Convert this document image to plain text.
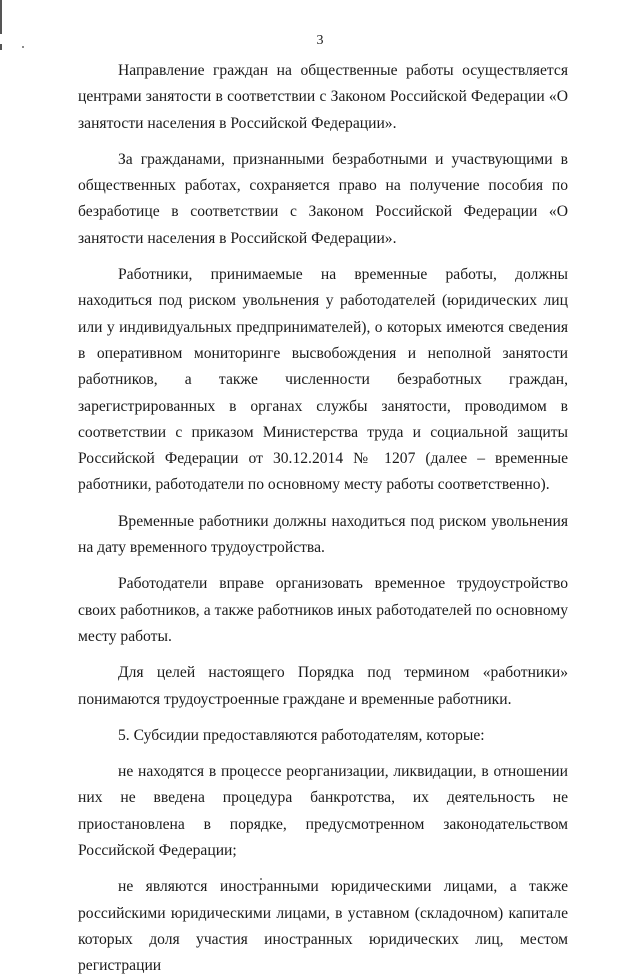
3

Направление граждан на общественные работы осуществляется центрами занятости в соответствии с Законом Российской Федерации «О занятости населения в Российской Федерации».

За гражданами, признанными безработными и участвующими в общественных работах, сохраняется право на получение пособия по безработице в соответствии с Законом Российской Федерации «О занятости населения в Российской Федерации».

Работники, принимаемые на временные работы, должны находиться под риском увольнения у работодателей (юридических лиц или у индивидуальных предпринимателей), о которых имеются сведения в оперативном мониторинге высвобождения и неполной занятости работников, а также численности безработных граждан, зарегистрированных в органах службы занятости, проводимом в соответствии с приказом Министерства труда и социальной защиты Российской Федерации от 30.12.2014 № 1207 (далее – временные работники, работодатели по основному месту работы соответственно).

Временные работники должны находиться под риском увольнения на дату временного трудоустройства.

Работодатели вправе организовать временное трудоустройство своих работников, а также работников иных работодателей по основному месту работы.

Для целей настоящего Порядка под термином «работники» понимаются трудоустроенные граждане и временные работники.

5. Субсидии предоставляются работодателям, которые:

не находятся в процессе реорганизации, ликвидации, в отношении них не введена процедура банкротства, их деятельность не приостановлена в порядке, предусмотренном законодательством Российской Федерации;

не являются иностранными юридическими лицами, а также российскими юридическими лицами, в уставном (складочном) капитале которых доля участия иностранных юридических лиц, местом регистрации
